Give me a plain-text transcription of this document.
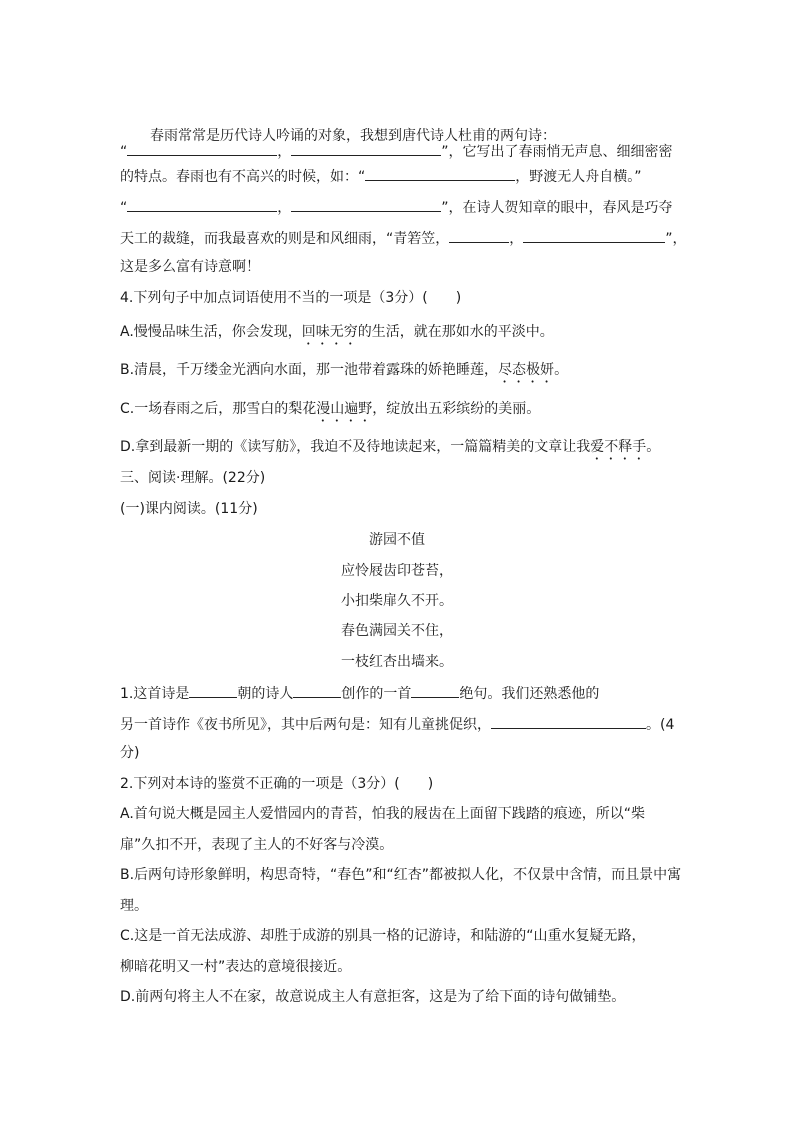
春雨常常是历代诗人吟诵的对象，我想到唐代诗人杜甫的两句诗：
“	，	”，它写出了春雨悄无声息、细细密密
的特点。春雨也有不高兴的时候，如：“	，野渡无人舟自横。”
“	，	”，在诗人贺知章的眼中，春风是巧夺
天工的裁缝，而我最喜欢的则是和风细雨，“青箬笠，	，	”，
这是多么富有诗意啊！
4.下列句子中加点词语使用不当的一项是（3分）(　　)
A.慢慢品味生活，你会发现，回味无穷的生活，就在那如水的平淡中。
B.清晨，千万缕金光洒向水面，那一池带着露珠的娇艳睡莲，尽态极妍。
C.一场春雨之后，那雪白的梨花漫山遍野，绽放出五彩缤纷的美丽。
D.拿到最新一期的《读写舫》，我迫不及待地读起来，一篇篇精美的文章让我爱不释手。
三、阅读·理解。(22分)
(一)课内阅读。(11分)
游园不值
应怜屐齿印苍苔，
小扣柴扉久不开。
春色满园关不住，
一枝红杏出墙来。
1.这首诗是	朝的诗人	创作的一首	绝句。我们还熟悉他的
另一首诗作《夜书所见》，其中后两句是：知有儿童挑促织，	。(4
分)
2.下列对本诗的鉴赏不正确的一项是（3分）(　　)
A.首句说大概是园主人爱惜园内的青苔，怕我的屐齿在上面留下践踏的痕迹，所以“柴
扉”久扣不开，表现了主人的不好客与冷漠。
B.后两句诗形象鲜明，构思奇特，“春色”和“红杏”都被拟人化，不仅景中含情，而且景中寓
理。
C.这是一首无法成游、却胜于成游的别具一格的记游诗，和陆游的“山重水复疑无路，
柳暗花明又一村”表达的意境很接近。
D.前两句将主人不在家，故意说成主人有意拒客，这是为了给下面的诗句做铺垫。
